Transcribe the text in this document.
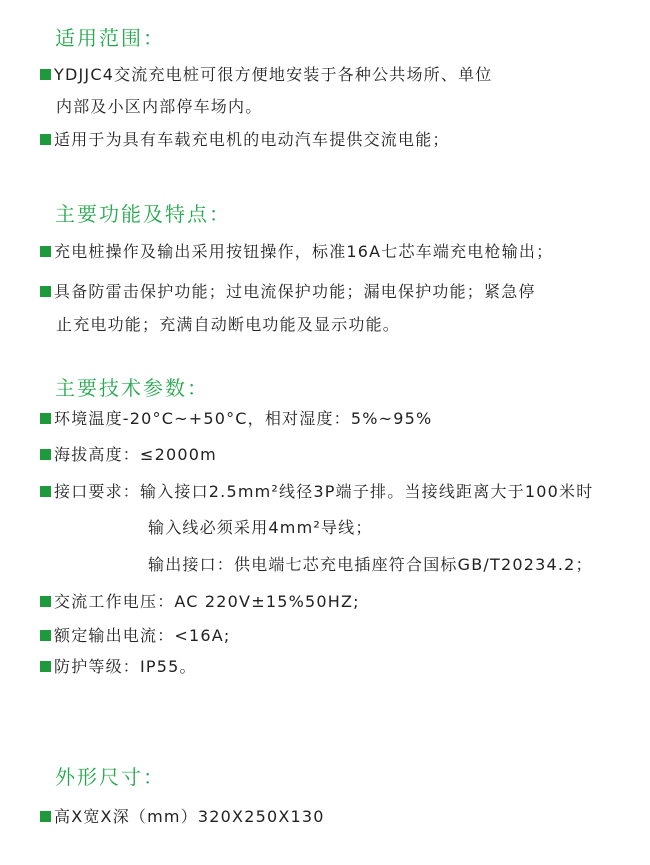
适用范围：
YDJJC4交流充电桩可很方便地安装于各种公共场所、单位
内部及小区内部停车场内。
适用于为具有车载充电机的电动汽车提供交流电能；
主要功能及特点：
充电桩操作及输出采用按钮操作，标准16A七芯车端充电枪输出；
具备防雷击保护功能；过电流保护功能；漏电保护功能；紧急停
止充电功能；充满自动断电功能及显示功能。
主要技术参数：
环境温度-20°C~+50°C，相对湿度：5%~95%
海拔高度：≤2000m
接口要求：输入接口2.5mm²线径3P端子排。当接线距离大于100米时
输入线必须采用4mm²导线；
输出接口：供电端七芯充电插座符合国标GB/T20234.2；
交流工作电压：AC 220V±15%50HZ;
额定输出电流：<16A;
防护等级：IP55。
外形尺寸：
高X宽X深（mm）320X250X130
